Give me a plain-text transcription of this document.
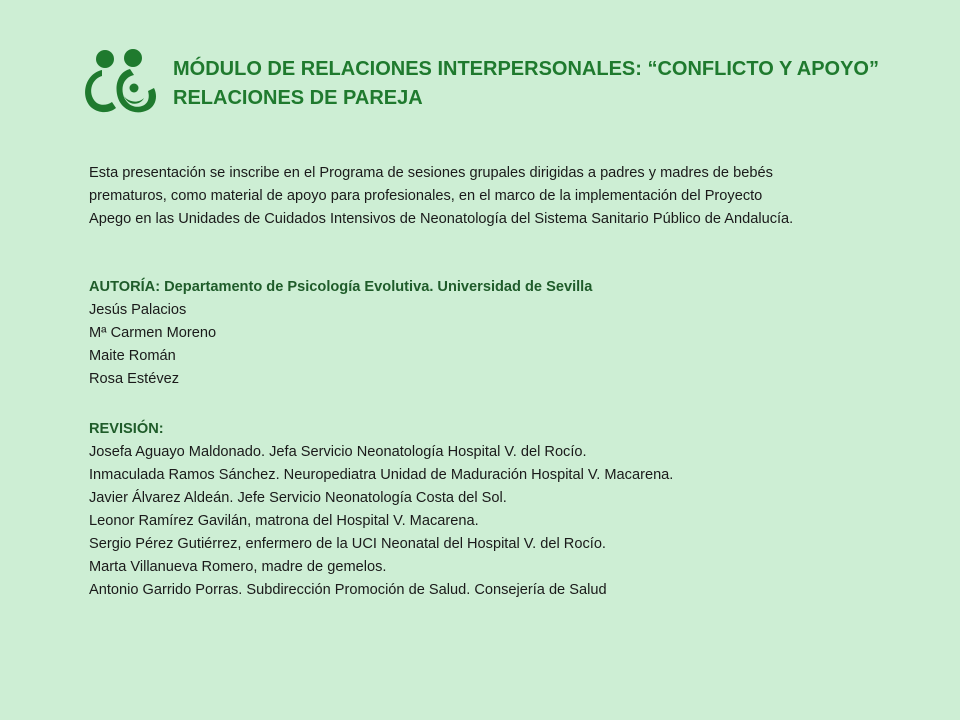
MÓDULO DE RELACIONES INTERPERSONALES: “CONFLICTO Y APOYO”
RELACIONES DE PAREJA
Esta presentación se inscribe en el Programa de sesiones grupales dirigidas a padres y madres de bebés
prematuros, como material de apoyo para profesionales, en el marco de la implementación del Proyecto
Apego en las Unidades de Cuidados Intensivos de Neonatología del Sistema Sanitario Público de Andalucía.
AUTORÍA: Departamento de Psicología Evolutiva. Universidad de Sevilla
Jesús Palacios
Mª Carmen Moreno
Maite Román
Rosa Estévez
REVISIÓN:
Josefa Aguayo Maldonado. Jefa Servicio Neonatología Hospital V. del Rocío.
Inmaculada Ramos Sánchez. Neuropediatra Unidad de Maduración Hospital V. Macarena.
Javier Álvarez Aldeán. Jefe Servicio Neonatología Costa del Sol.
Leonor Ramírez Gavilán, matrona del Hospital V. Macarena.
Sergio Pérez Gutiérrez, enfermero de la UCI Neonatal del Hospital V. del Rocío.
Marta Villanueva Romero, madre de gemelos.
Antonio Garrido Porras. Subdirección Promoción de Salud. Consejería de Salud
